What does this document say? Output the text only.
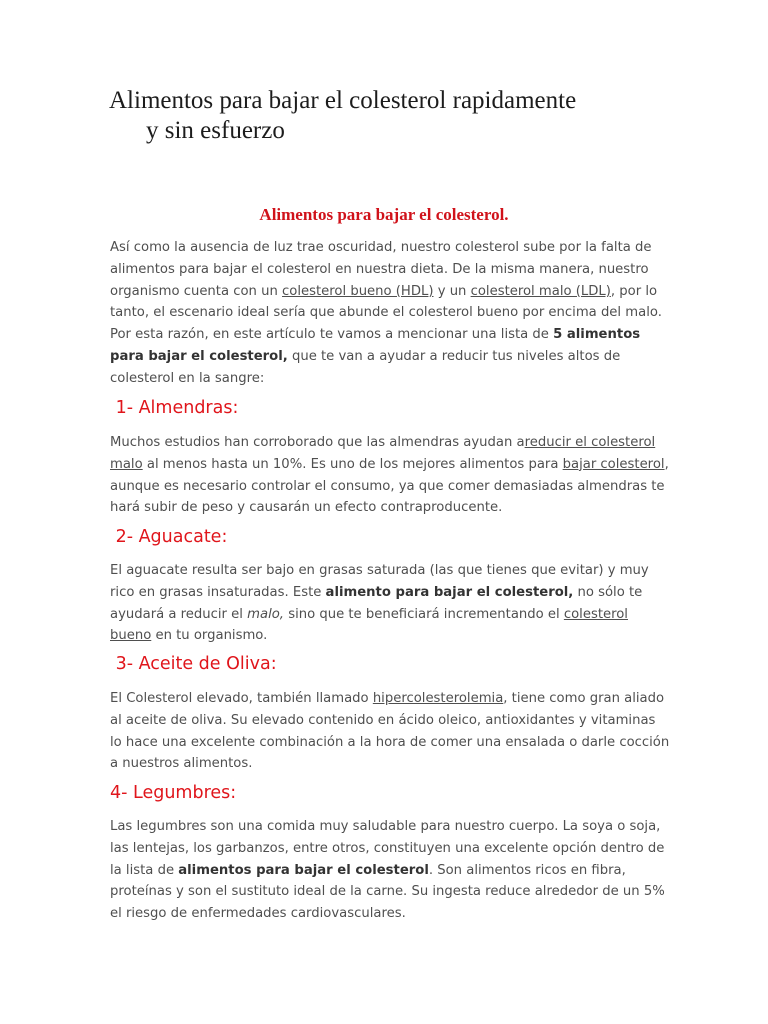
Alimentos para bajar el colesterol rapidamente
y sin esfuerzo
Alimentos para bajar el colesterol.

Así como la ausencia de luz trae oscuridad, nuestro colesterol sube por la falta de alimentos para bajar el colesterol en nuestra dieta. De la misma manera, nuestro organismo cuenta con un colesterol bueno (HDL) y un colesterol malo (LDL), por lo tanto, el escenario ideal sería que abunde el colesterol bueno por encima del malo. Por esta razón, en este artículo te vamos a mencionar una lista de 5 alimentos para bajar el colesterol, que te van a ayudar a reducir tus niveles altos de colesterol en la sangre:

1- Almendras:

Muchos estudios han corroborado que las almendras ayudan areducir el colesterol malo al menos hasta un 10%. Es uno de los mejores alimentos para bajar colesterol, aunque es necesario controlar el consumo, ya que comer demasiadas almendras te hará subir de peso y causarán un efecto contraproducente.

2- Aguacate:

El aguacate resulta ser bajo en grasas saturada (las que tienes que evitar) y muy rico en grasas insaturadas. Este alimento para bajar el colesterol, no sólo te ayudará a reducir el malo, sino que te beneficiará incrementando el colesterol bueno en tu organismo.

3- Aceite de Oliva:

El Colesterol elevado, también llamado hipercolesterolemia, tiene como gran aliado al aceite de oliva. Su elevado contenido en ácido oleico, antioxidantes y vitaminas lo hace una excelente combinación a la hora de comer una ensalada o darle cocción a nuestros alimentos.

4- Legumbres:

Las legumbres son una comida muy saludable para nuestro cuerpo. La soya o soja, las lentejas, los garbanzos, entre otros, constituyen una excelente opción dentro de la lista de alimentos para bajar el colesterol. Son alimentos ricos en fibra, proteínas y son el sustituto ideal de la carne. Su ingesta reduce alrededor de un 5% el riesgo de enfermedades cardiovasculares.
